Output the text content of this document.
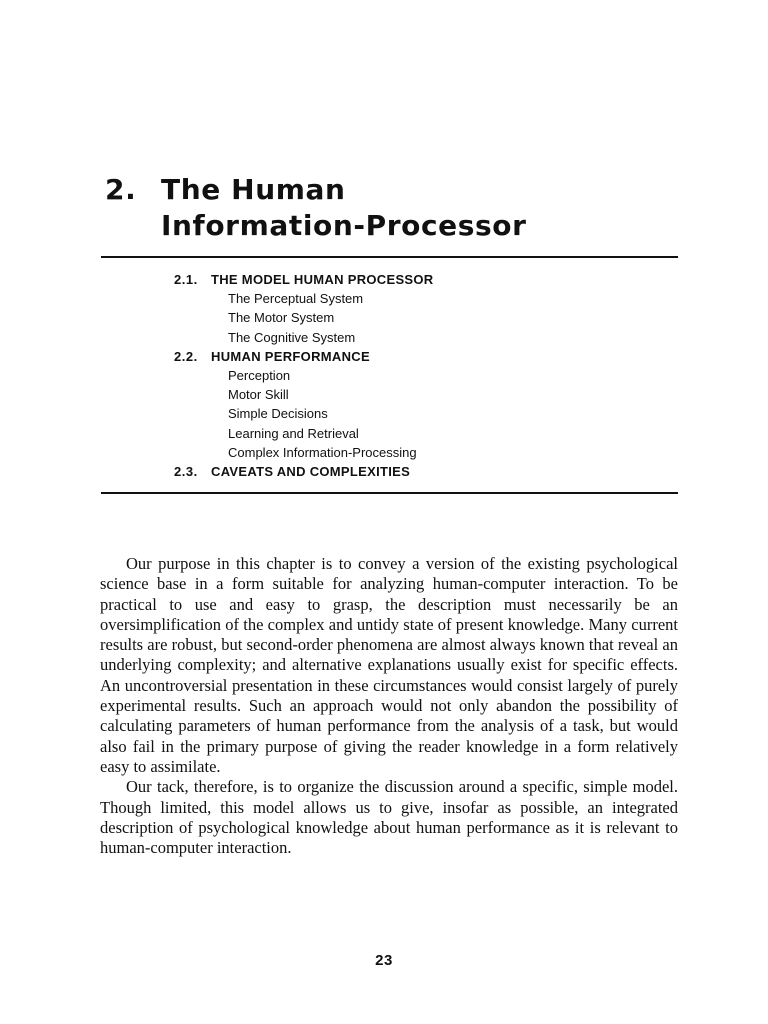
2. The Human
Information-Processor
2.1. THE MODEL HUMAN PROCESSOR
The Perceptual System
The Motor System
The Cognitive System
2.2. HUMAN PERFORMANCE
Perception
Motor Skill
Simple Decisions
Learning and Retrieval
Complex Information-Processing
2.3. CAVEATS AND COMPLEXITIES

Our purpose in this chapter is to convey a version of the existing psychological science base in a form suitable for analyzing human-computer interaction. To be practical to use and easy to grasp, the description must necessarily be an oversimplification of the complex and untidy state of present knowledge. Many current results are robust, but second-order phenomena are almost always known that reveal an underlying complexity; and alternative explanations usually exist for specific effects. An uncontroversial presentation in these circumstances would consist largely of purely experimental results. Such an approach would not only abandon the possibility of calculating parameters of human performance from the analysis of a task, but would also fail in the primary purpose of giving the reader knowledge in a form relatively easy to assimilate.

Our tack, therefore, is to organize the discussion around a specific, simple model. Though limited, this model allows us to give, insofar as possible, an integrated description of psychological knowledge about human performance as it is relevant to human-computer interaction.

23
